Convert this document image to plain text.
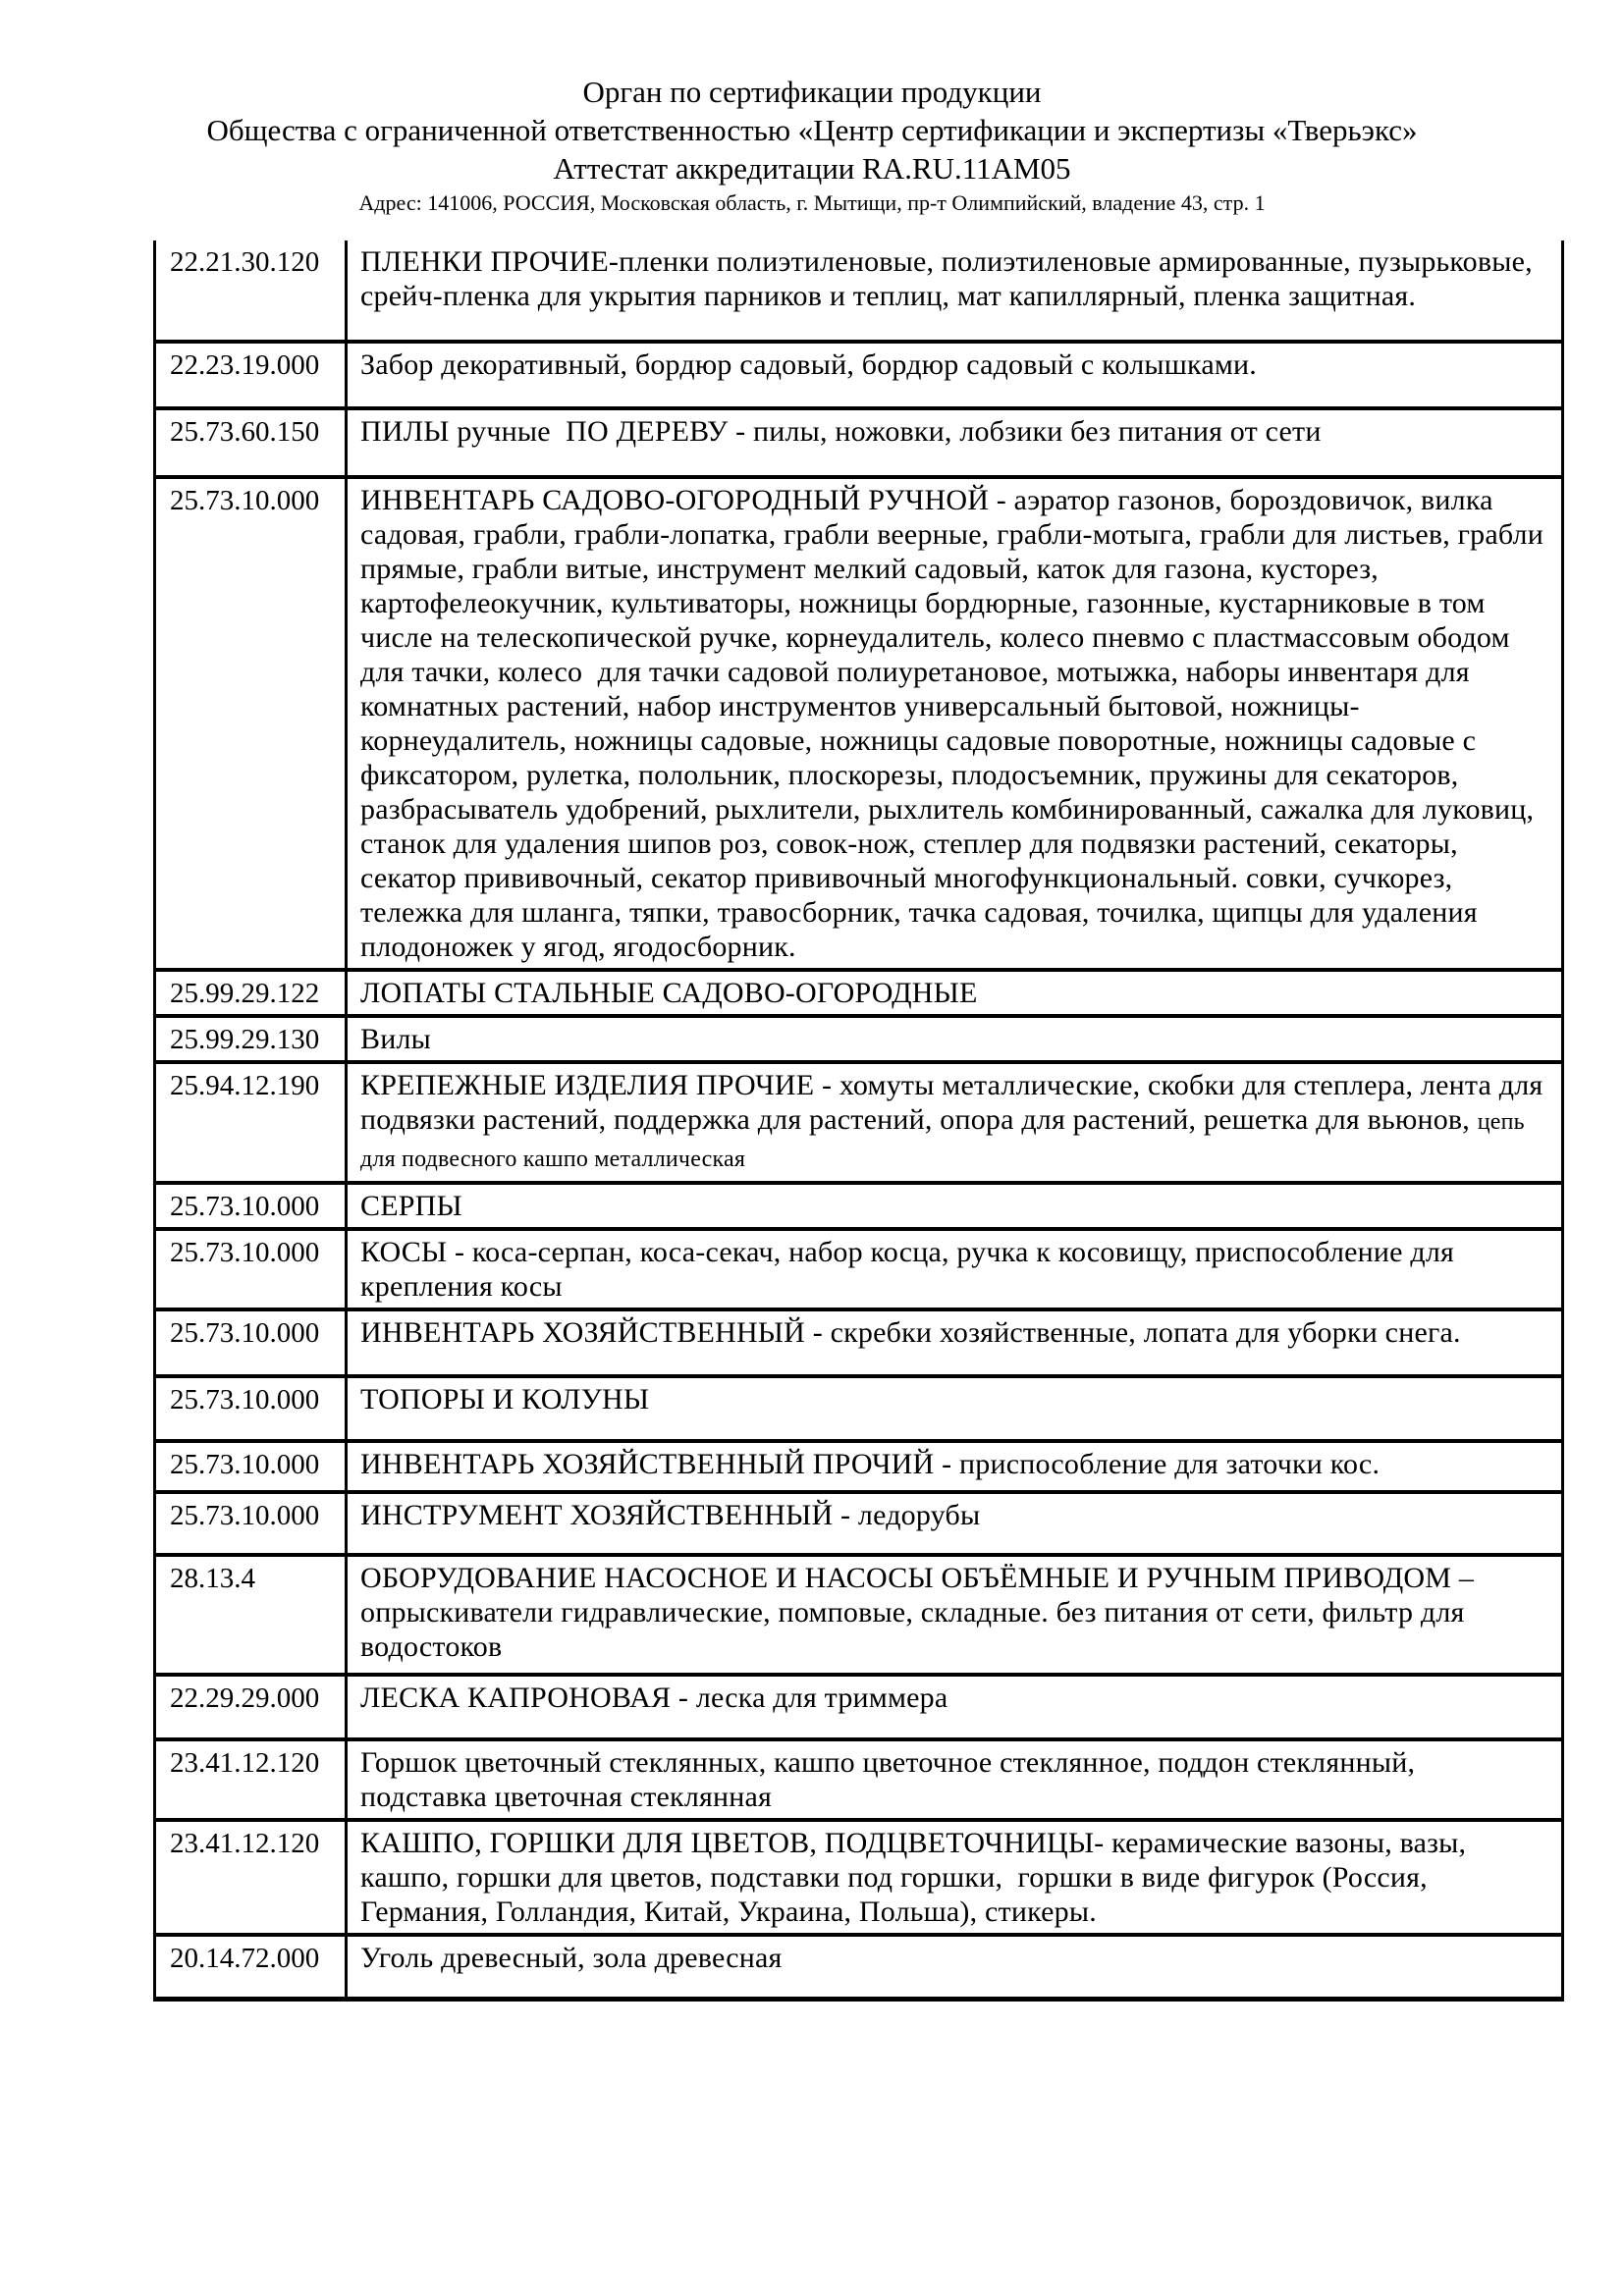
Орган по сертификации продукции
Общества с ограниченной ответственностью «Центр сертификации и экспертизы «Тверьэкс»
Аттестат аккредитации RA.RU.11АМ05
Адрес: 141006, РОССИЯ, Московская область, г. Мытищи, пр-т Олимпийский, владение 43, стр. 1
22.21.30.120	ПЛЕНКИ ПРОЧИЕ-пленки полиэтиленовые, полиэтиленовые армированные, пузырьковые, срейч-пленка для укрытия парников и теплиц, мат капиллярный, пленка защитная.
22.23.19.000	Забор декоративный, бордюр садовый, бордюр садовый с колышками.
25.73.60.150	ПИЛЫ ручные  ПО ДЕРЕВУ - пилы, ножовки, лобзики без питания от сети
25.73.10.000	ИНВЕНТАРЬ САДОВО-ОГОРОДНЫЙ РУЧНОЙ - аэратор газонов, бороздовичок, вилка садовая, грабли, грабли-лопатка, грабли веерные, грабли-мотыга, грабли для листьев, грабли прямые, грабли витые, инструмент мелкий садовый, каток для газона, кусторез, картофелеокучник, культиваторы, ножницы бордюрные, газонные, кустарниковые в том числе на телескопической ручке, корнеудалитель, колесо пневмо с пластмассовым ободом для тачки, колесо  для тачки садовой полиуретановое, мотыжка, наборы инвентаря для комнатных растений, набор инструментов универсальный бытовой, ножницы-корнеудалитель, ножницы садовые, ножницы садовые поворотные, ножницы садовые с фиксатором, рулетка, полольник, плоскорезы, плодосъемник, пружины для секаторов, разбрасыватель удобрений, рыхлители, рыхлитель комбинированный, сажалка для луковиц, станок для удаления шипов роз, совок-нож, степлер для подвязки растений, секаторы, секатор прививочный, секатор прививочный многофункциональный. совки, сучкорез, тележка для шланга, тяпки, травосборник, тачка садовая, точилка, щипцы для удаления плодоножек у ягод, ягодосборник.
25.99.29.122	ЛОПАТЫ СТАЛЬНЫЕ САДОВО-ОГОРОДНЫЕ
25.99.29.130	Вилы
25.94.12.190	КРЕПЕЖНЫЕ ИЗДЕЛИЯ ПРОЧИЕ - хомуты металлические, скобки для степлера, лента для подвязки растений, поддержка для растений, опора для растений, решетка для вьюнов, цепь для подвесного кашпо металлическая
25.73.10.000	СЕРПЫ
25.73.10.000	КОСЫ - коса-серпан, коса-секач, набор косца, ручка к косовищу, приспособление для крепления косы
25.73.10.000	ИНВЕНТАРЬ ХОЗЯЙСТВЕННЫЙ - скребки хозяйственные, лопата для уборки снега.
25.73.10.000	ТОПОРЫ И КОЛУНЫ
25.73.10.000	ИНВЕНТАРЬ ХОЗЯЙСТВЕННЫЙ ПРОЧИЙ - приспособление для заточки кос.
25.73.10.000	ИНСТРУМЕНТ ХОЗЯЙСТВЕННЫЙ - ледорубы
28.13.4	ОБОРУДОВАНИЕ НАСОСНОЕ И НАСОСЫ ОБЪЁМНЫЕ И РУЧНЫМ ПРИВОДОМ – опрыскиватели гидравлические, помповые, складные. без питания от сети, фильтр для водостоков
22.29.29.000	ЛЕСКА КАПРОНОВАЯ - леска для триммера
23.41.12.120	Горшок цветочный стеклянных, кашпо цветочное стеклянное, поддон стеклянный, подставка цветочная стеклянная
23.41.12.120	КАШПО, ГОРШКИ ДЛЯ ЦВЕТОВ, ПОДЦВЕТОЧНИЦЫ- керамические вазоны, вазы, кашпо, горшки для цветов, подставки под горшки,  горшки в виде фигурок (Россия, Германия, Голландия, Китай, Украина, Польша), стикеры.
20.14.72.000	Уголь древесный, зола древесная
